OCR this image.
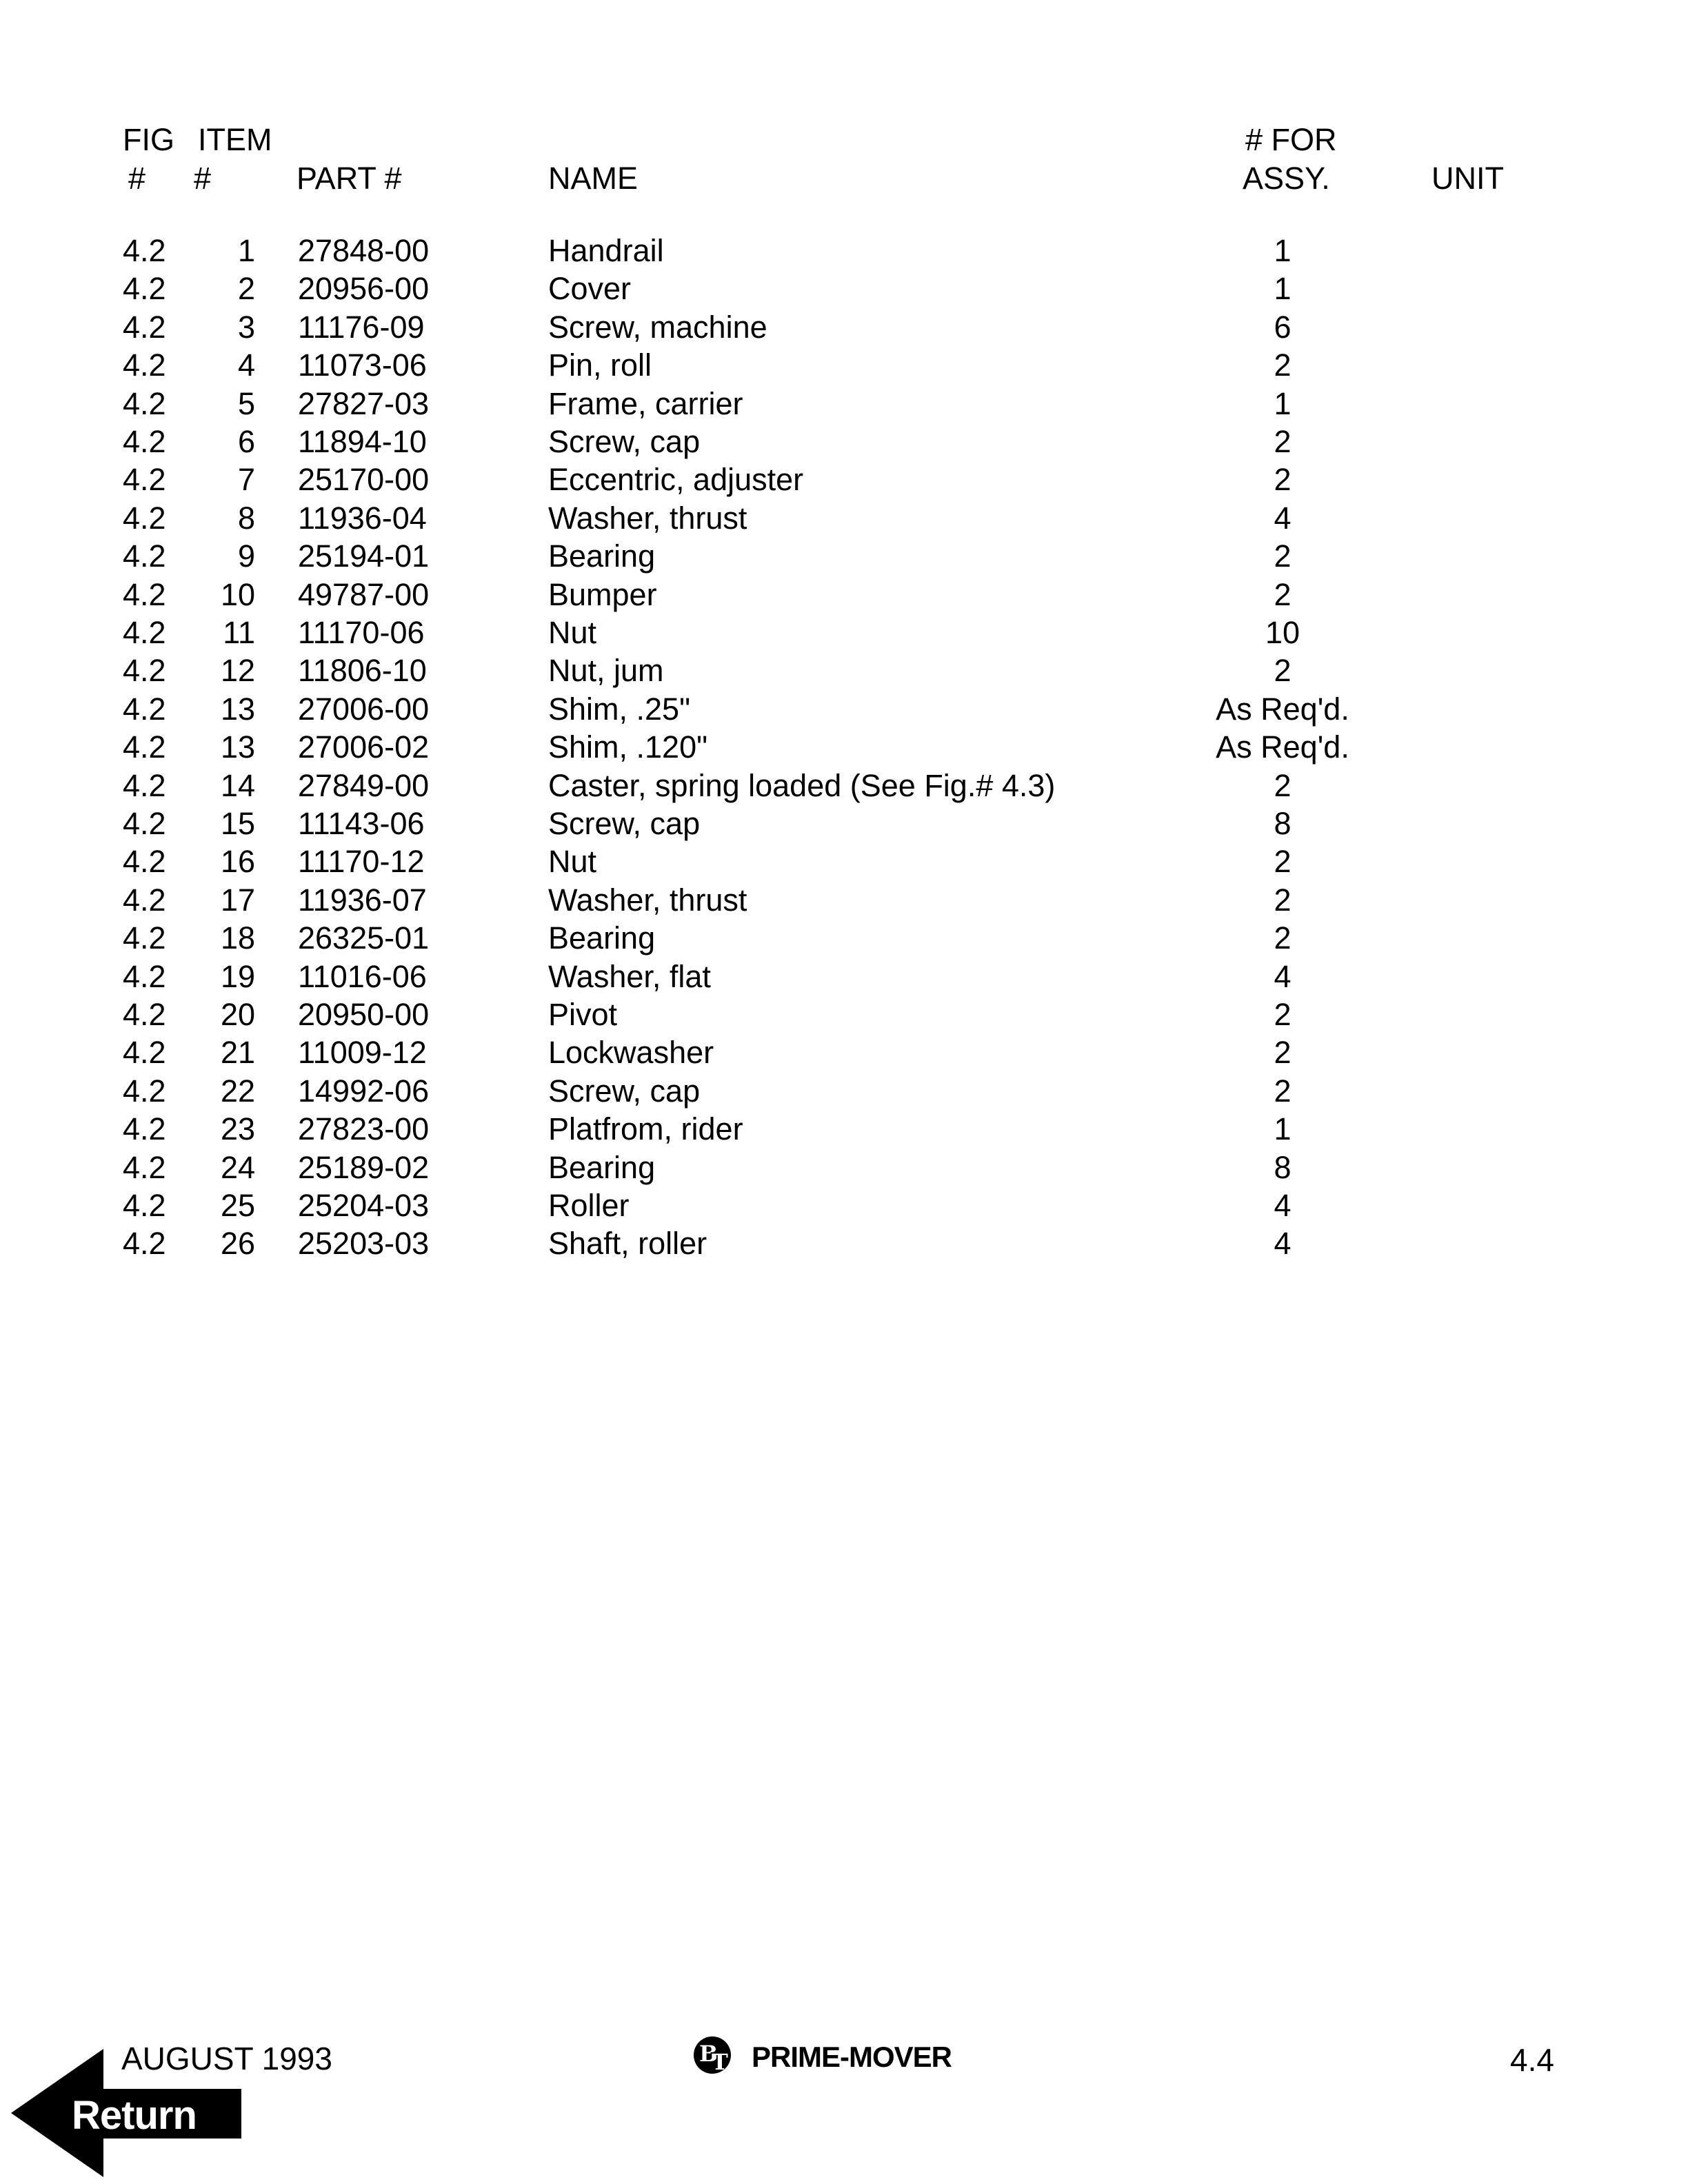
FIG ITEM	# FOR
# #	PART #	NAME	ASSY.	UNIT
4.2	1 27848-00	Handrail	1
4.2	2 20956-00	Cover	1
4.2	3 11176-09	Screw, machine	6
4.2	4 11073-06	Pin, roll	2
4.2	5 27827-03	Frame, carrier	1
4.2	6 11894-10	Screw, cap	2
4.2	7 25170-00	Eccentric, adjuster	2
4.2	8 11936-04	Washer, thrust	4
4.2	9 25194-01	Bearing	2
4.2	10 49787-00	Bumper	2
4.2	11 11170-06	Nut	10
4.2	12 11806-10	Nut, jum	2
4.2	13 27006-00	Shim, .25"	As Req'd.
4.2	13 27006-02	Shim, .120"	As Req'd.
4.2	14 27849-00	Caster, spring loaded (See Fig.# 4.3)	2
4.2	15 11143-06	Screw, cap	8
4.2	16 11170-12	Nut	2
4.2	17 11936-07	Washer, thrust	2
4.2	18 26325-01	Bearing	2
4.2	19 11016-06	Washer, flat	4
4.2	20 20950-00	Pivot	2
4.2	21 11009-12	Lockwasher	2
4.2	22 14992-06	Screw, cap	2
4.2	23 27823-00	Platfrom, rider	1
4.2	24 25189-02	Bearing	8
4.2	25 25204-03	Roller	4
4.2	26 25203-03	Shaft, roller	4
AUGUST 1993
Return
B
T PRIME-MOVER	4.4
